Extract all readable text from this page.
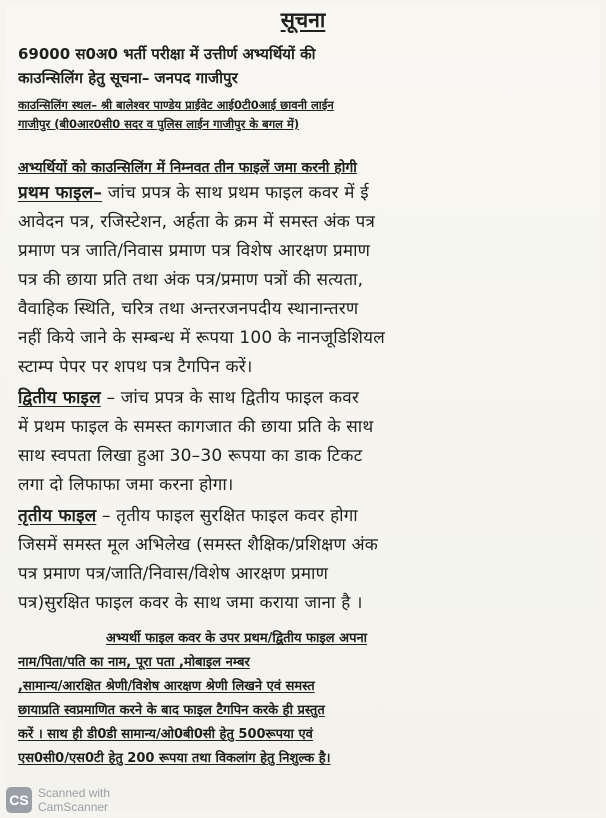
सूचना
69000 स0अ0 भर्ती परीक्षा में उत्तीर्ण अभ्यर्थियों की
काउन्सिलिंग हेतु सूचना– जनपद गाजीपुर
काउन्सिलिंग स्थल– श्री बालेश्वर पाण्डेय प्राईवेट आई0टी0आई छावनी लाईन
गाजीपुर (बी0आर0सी0 सदर व पुलिस लाईन गाजीपुर के बगल में)
अभ्यर्थियों को काउन्सिलिंग में निम्नवत तीन फाइलें जमा करनी होगी
प्रथम फाइल– जांच प्रपत्र के साथ प्रथम फाइल कवर में ई
आवेदन पत्र, रजिस्टेशन, अर्हता के क्रम में समस्त अंक पत्र
प्रमाण पत्र जाति/निवास प्रमाण पत्र विशेष आरक्षण प्रमाण
पत्र की छाया प्रति तथा अंक पत्र/प्रमाण पत्रों की सत्यता,
वैवाहिक स्थिति, चरित्र तथा अन्तरजनपदीय स्थानान्तरण
नहीं किये जाने के सम्बन्ध में रूपया 100 के नानजूडिशियल
स्टाम्प पेपर पर शपथ पत्र टैगपिन करें।
द्वितीय फाइल – जांच प्रपत्र के साथ द्वितीय फाइल कवर
में प्रथम फाइल के समस्त कागजात की छाया प्रति के साथ
साथ स्वपता लिखा हुआ 30–30 रूपया का डाक टिकट
लगा दो लिफाफा जमा करना होगा।
तृतीय फाइल – तृतीय फाइल सुरक्षित फाइल कवर होगा
जिसमें समस्त मूल अभिलेख (समस्त शैक्षिक/प्रशिक्षण अंक
पत्र प्रमाण पत्र/जाति/निवास/विशेष आरक्षण प्रमाण
पत्र)सुरक्षित फाइल कवर के साथ जमा कराया जाना है ।
अभ्यर्थी फाइल कवर के उपर प्रथम/द्वितीय फाइल अपना
नाम/पिता/पति का नाम, पूरा पता ,मोबाइल नम्बर
,सामान्य/आरक्षित श्रेणी/विशेष आरक्षण श्रेणी लिखने एवं समस्त
छायाप्रति स्वप्रमाणित करने के बाद फाइल टैगपिन करके ही प्रस्तुत
करें । साथ ही डी0डी सामान्य/ओ0बी0सी हेतु 500रूपया एवं
एस0सी0/एस0टी हेतु 200 रूपया तथा विकलांग हेतु निशुल्क है।
CS Scanned with
CamScanner
